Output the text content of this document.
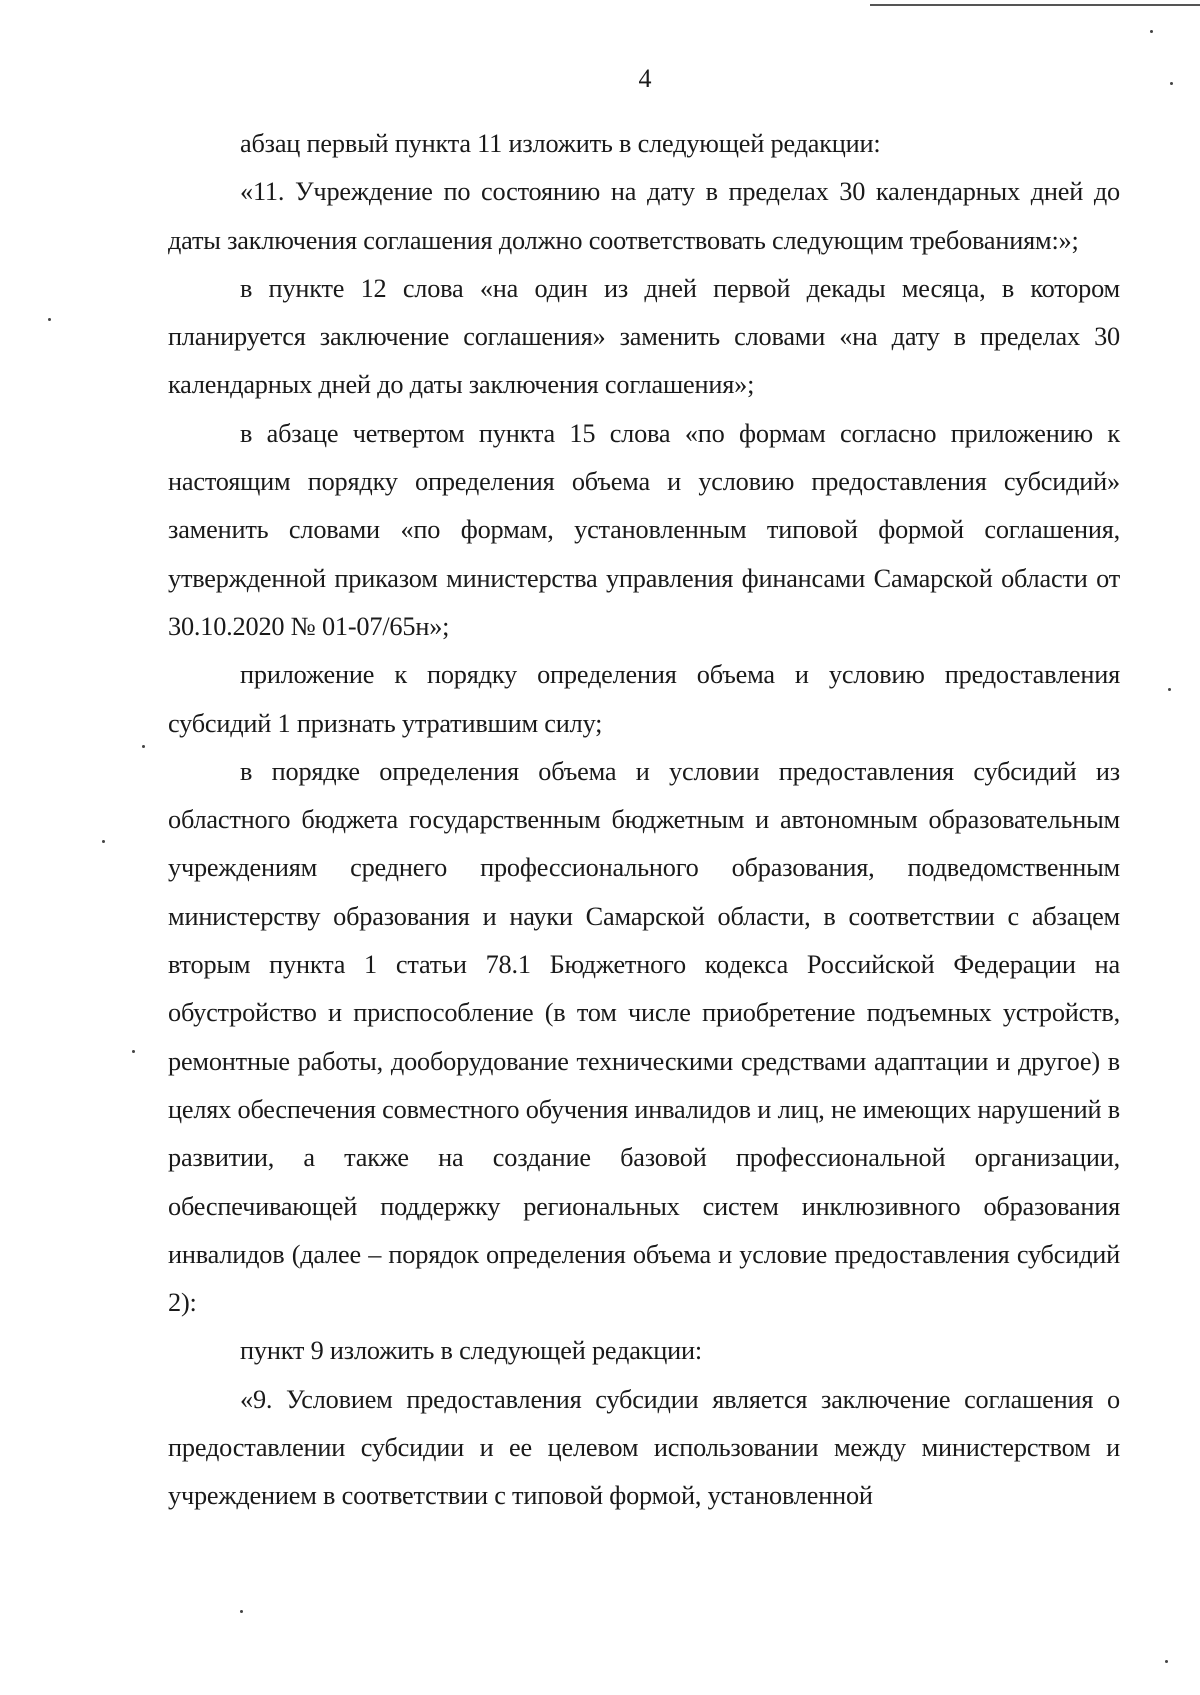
4

абзац первый пункта 11 изложить в следующей редакции:

«11. Учреждение по состоянию на дату в пределах 30 календарных дней до даты заключения соглашения должно соответствовать следующим требованиям:»;

в пункте 12 слова «на один из дней первой декады месяца, в котором планируется заключение соглашения» заменить словами «на дату в пределах 30 календарных дней до даты заключения соглашения»;

в абзаце четвертом пункта 15 слова «по формам согласно приложению к настоящим порядку определения объема и условию предоставления субсидий» заменить словами «по формам, установленным типовой формой соглашения, утвержденной приказом министерства управления финансами Самарской области от 30.10.2020 № 01-07/65н»;

приложение к порядку определения объема и условию предоставления субсидий 1 признать утратившим силу;

в порядке определения объема и условии предоставления субсидий из областного бюджета государственным бюджетным и автономным образовательным учреждениям среднего профессионального образования, подведомственным министерству образования и науки Самарской области, в соответствии с абзацем вторым пункта 1 статьи 78.1 Бюджетного кодекса Российской Федерации на обустройство и приспособление (в том числе приобретение подъемных устройств, ремонтные работы, дооборудование техническими средствами адаптации и другое) в целях обеспечения совместного обучения инвалидов и лиц, не имеющих нарушений в развитии, а также на создание базовой профессиональной организации, обеспечивающей поддержку региональных систем инклюзивного образования инвалидов (далее – порядок определения объема и условие предоставления субсидий 2):

пункт 9 изложить в следующей редакции:

«9. Условием предоставления субсидии является заключение соглашения о предоставлении субсидии и ее целевом использовании между министерством и учреждением в соответствии с типовой формой, установленной
